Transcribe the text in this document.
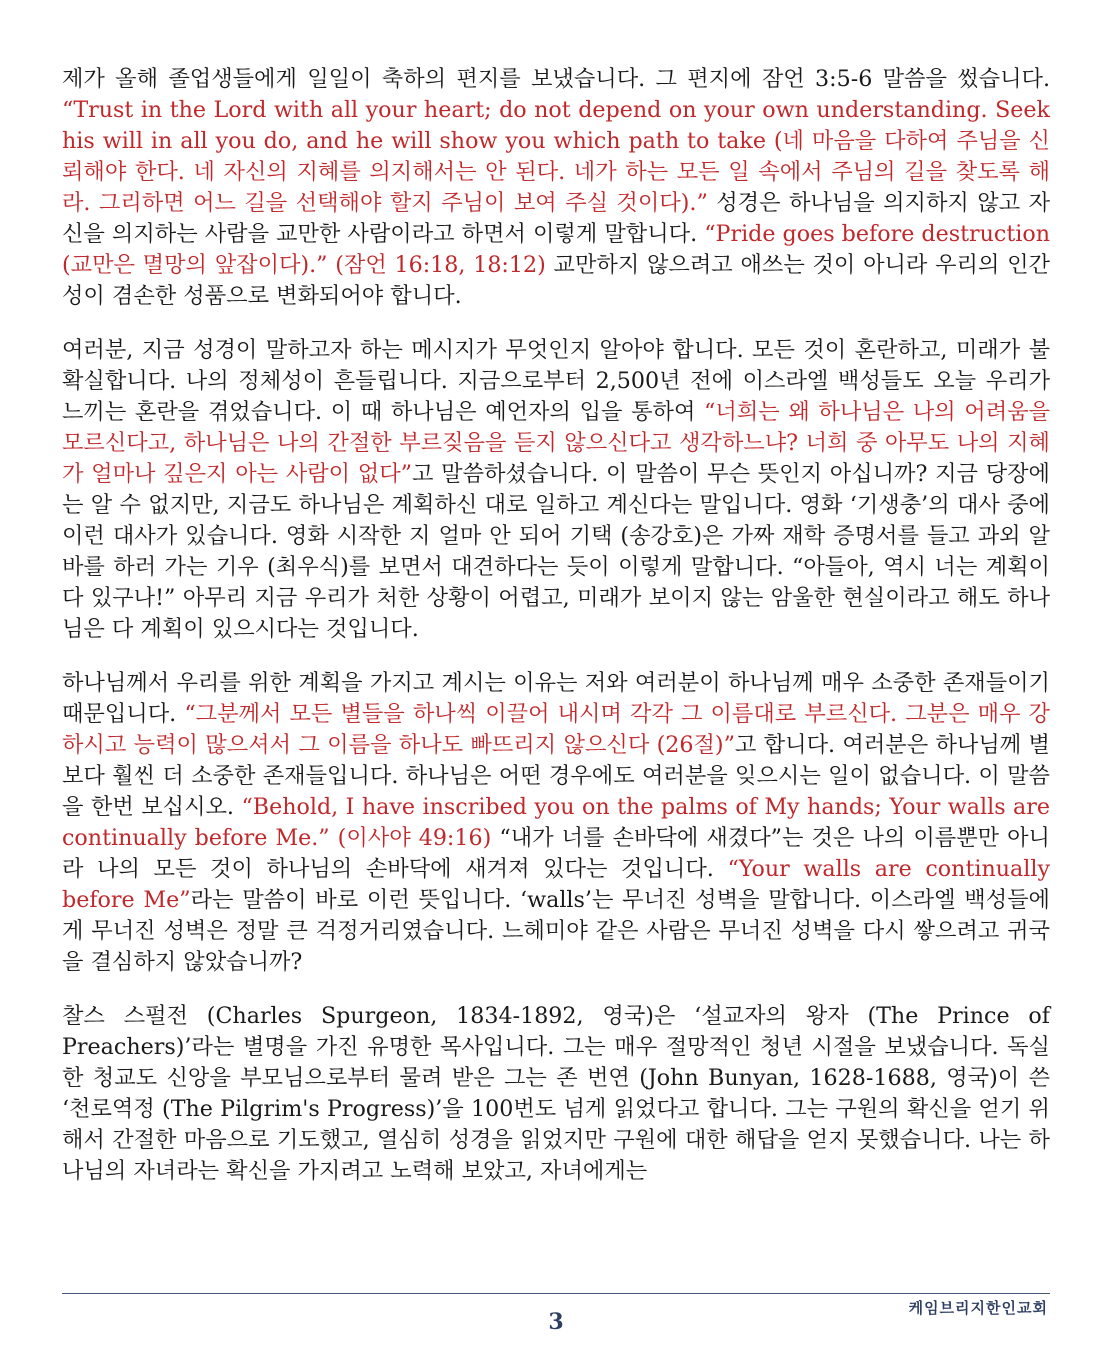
제가 올해 졸업생들에게 일일이 축하의 편지를 보냈습니다. 그 편지에 잠언 3:5-6 말씀을 썼습니다. “Trust in the Lord with all your heart; do not depend on your own understanding. Seek his will in all you do, and he will show you which path to take (네 마음을 다하여 주님을 신뢰해야 한다. 네 자신의 지혜를 의지해서는 안 된다. 네가 하는 모든 일 속에서 주님의 길을 찾도록 해라. 그리하면 어느 길을 선택해야 할지 주님이 보여 주실 것이다).” 성경은 하나님을 의지하지 않고 자신을 의지하는 사람을 교만한 사람이라고 하면서 이렇게 말합니다. “Pride goes before destruction (교만은 멸망의 앞잡이다).” (잠언 16:18, 18:12) 교만하지 않으려고 애쓰는 것이 아니라 우리의 인간성이 겸손한 성품으로 변화되어야 합니다.

여러분, 지금 성경이 말하고자 하는 메시지가 무엇인지 알아야 합니다. 모든 것이 혼란하고, 미래가 불확실합니다. 나의 정체성이 흔들립니다. 지금으로부터 2,500년 전에 이스라엘 백성들도 오늘 우리가 느끼는 혼란을 겪었습니다. 이 때 하나님은 예언자의 입을 통하여 “너희는 왜 하나님은 나의 어려움을 모르신다고, 하나님은 나의 간절한 부르짖음을 듣지 않으신다고 생각하느냐? 너희 중 아무도 나의 지혜가 얼마나 깊은지 아는 사람이 없다”고 말씀하셨습니다. 이 말씀이 무슨 뜻인지 아십니까? 지금 당장에는 알 수 없지만, 지금도 하나님은 계획하신 대로 일하고 계신다는 말입니다. 영화 ‘기생충’의 대사 중에 이런 대사가 있습니다. 영화 시작한 지 얼마 안 되어 기택 (송강호)은 가짜 재학 증명서를 들고 과외 알바를 하러 가는 기우 (최우식)를 보면서 대견하다는 듯이 이렇게 말합니다. “아들아, 역시 너는 계획이 다 있구나!” 아무리 지금 우리가 처한 상황이 어렵고, 미래가 보이지 않는 암울한 현실이라고 해도 하나님은 다 계획이 있으시다는 것입니다.

하나님께서 우리를 위한 계획을 가지고 계시는 이유는 저와 여러분이 하나님께 매우 소중한 존재들이기 때문입니다. “그분께서 모든 별들을 하나씩 이끌어 내시며 각각 그 이름대로 부르신다. 그분은 매우 강하시고 능력이 많으셔서 그 이름을 하나도 빠뜨리지 않으신다 (26절)”고 합니다. 여러분은 하나님께 별보다 훨씬 더 소중한 존재들입니다. 하나님은 어떤 경우에도 여러분을 잊으시는 일이 없습니다. 이 말씀을 한번 보십시오. “Behold, I have inscribed you on the palms of My hands; Your walls are continually before Me.” (이사야 49:16) “내가 너를 손바닥에 새겼다”는 것은 나의 이름뿐만 아니라 나의 모든 것이 하나님의 손바닥에 새겨져 있다는 것입니다. “Your walls are continually before Me”라는 말씀이 바로 이런 뜻입니다. ‘walls’는 무너진 성벽을 말합니다. 이스라엘 백성들에게 무너진 성벽은 정말 큰 걱정거리였습니다. 느헤미야 같은 사람은 무너진 성벽을 다시 쌓으려고 귀국을 결심하지 않았습니까?

찰스 스펄전 (Charles Spurgeon, 1834-1892, 영국)은 ‘설교자의 왕자 (The Prince of Preachers)’라는 별명을 가진 유명한 목사입니다. 그는 매우 절망적인 청년 시절을 보냈습니다. 독실한 청교도 신앙을 부모님으로부터 물려 받은 그는 존 번연 (John Bunyan, 1628-1688, 영국)이 쓴 ‘천로역정 (The Pilgrim's Progress)’을 100번도 넘게 읽었다고 합니다. 그는 구원의 확신을 얻기 위해서 간절한 마음으로 기도했고, 열심히 성경을 읽었지만 구원에 대한 해답을 얻지 못했습니다. 나는 하나님의 자녀라는 확신을 가지려고 노력해 보았고, 자녀에게는

케임브리지한인교회
3
